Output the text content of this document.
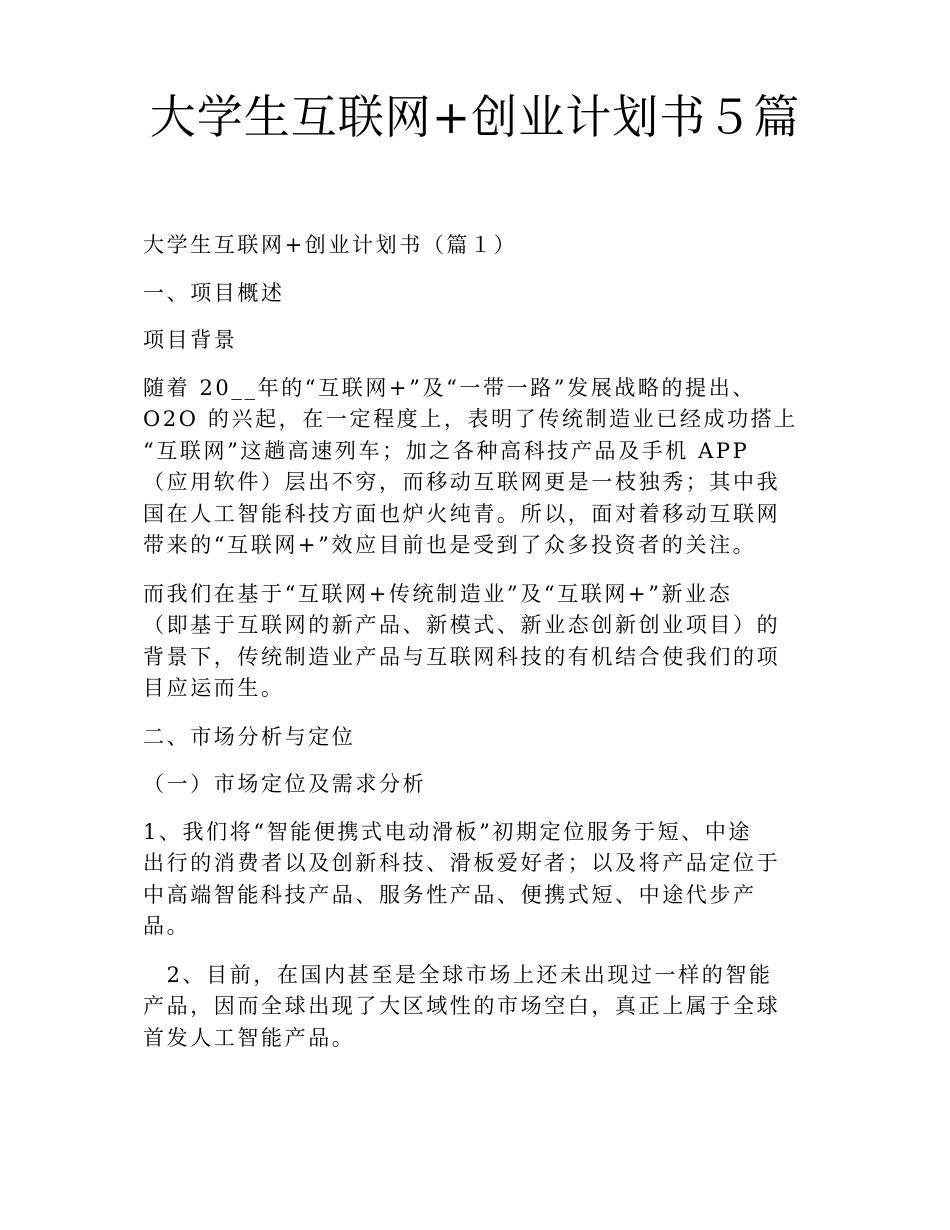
大学生互联网+创业计划书５篇
大学生互联网+创业计划书（篇１）
一、项目概述
项目背景
随着 20__年的“互联网+”及“一带一路”发展战略的提出、
O2O 的兴起，在一定程度上，表明了传统制造业已经成功搭上
“互联网”这趟高速列车；加之各种高科技产品及手机 APP
（应用软件）层出不穷，而移动互联网更是一枝独秀；其中我
国在人工智能科技方面也炉火纯青。所以，面对着移动互联网
带来的“互联网+”效应目前也是受到了众多投资者的关注。
而我们在基于“互联网+传统制造业”及“互联网+”新业态
（即基于互联网的新产品、新模式、新业态创新创业项目）的
背景下，传统制造业产品与互联网科技的有机结合使我们的项
目应运而生。
二、市场分析与定位
（一）市场定位及需求分析
1、我们将“智能便携式电动滑板”初期定位服务于短、中途
出行的消费者以及创新科技、滑板爱好者；以及将产品定位于
中高端智能科技产品、服务性产品、便携式短、中途代步产
品。
　2、目前，在国内甚至是全球市场上还未出现过一样的智能
产品，因而全球出现了大区域性的市场空白，真正上属于全球
首发人工智能产品。
